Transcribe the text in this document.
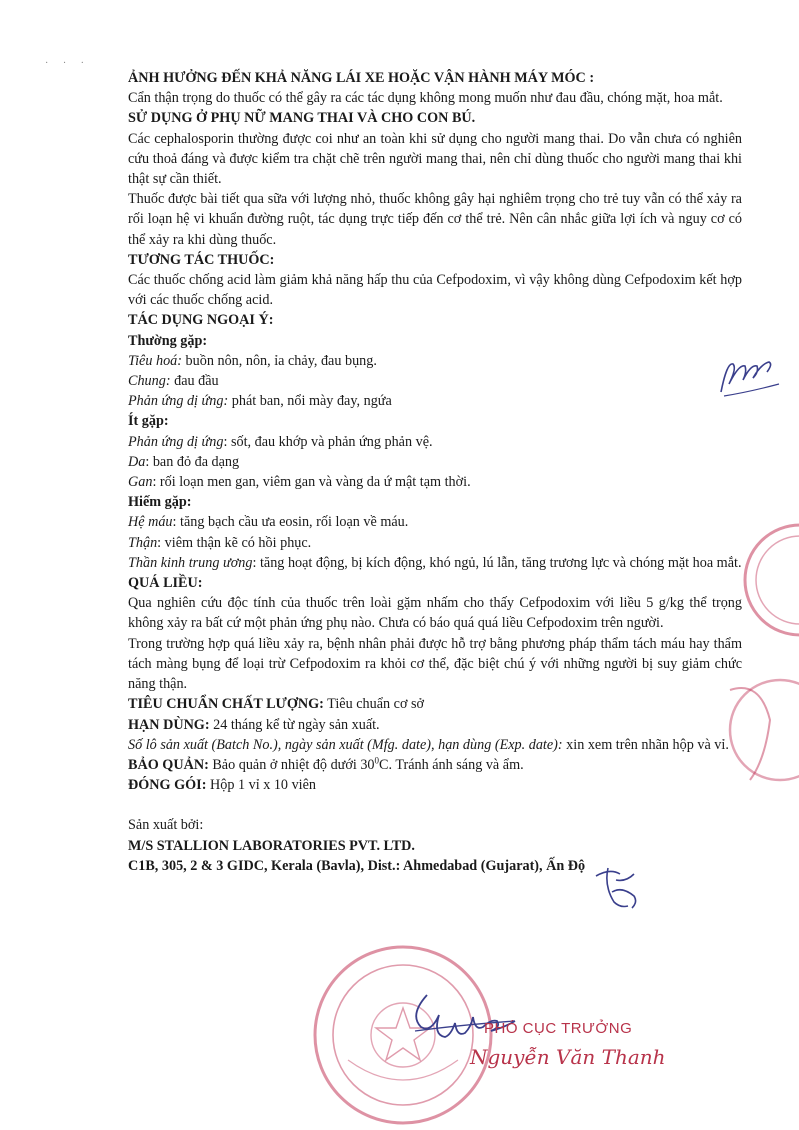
· · ·

ẢNH HƯỞNG ĐẾN KHẢ NĂNG LÁI XE HOẶC VẬN HÀNH MÁY MÓC :

Cẩn thận trọng do thuốc có thể gây ra các tác dụng không mong muốn như đau đầu, chóng mặt, hoa mắt.

SỬ DỤNG Ở PHỤ NỮ MANG THAI VÀ CHO CON BÚ.

Các cephalosporin thường được coi như an toàn khi sử dụng cho người mang thai. Do vẫn chưa có nghiên cứu thoả đáng và được kiểm tra chặt chẽ trên người mang thai, nên chỉ dùng thuốc cho người mang thai khi thật sự cần thiết.

Thuốc được bài tiết qua sữa với lượng nhỏ, thuốc không gây hại nghiêm trọng cho trẻ tuy vẫn có thể xảy ra rối loạn hệ vi khuẩn đường ruột, tác dụng trực tiếp đến cơ thể trẻ. Nên cân nhắc giữa lợi ích và nguy cơ có thể xảy ra khi dùng thuốc.

TƯƠNG TÁC THUỐC:

Các thuốc chống acid làm giảm khả năng hấp thu của Cefpodoxim, vì vậy không dùng Cefpodoxim kết hợp với các thuốc chống acid.

TÁC DỤNG NGOẠI Ý:

Thường gặp:

Tiêu hoá: buồn nôn, nôn, ỉa chảy, đau bụng.

Chung: đau đầu

Phản ứng dị ứng: phát ban, nổi mày đay, ngứa

Ít gặp:

Phản ứng dị ứng: sốt, đau khớp và phản ứng phản vệ.

Da: ban đỏ đa dạng

Gan: rối loạn men gan, viêm gan và vàng da ứ mật tạm thời.

Hiếm gặp:

Hệ máu: tăng bạch cầu ưa eosin, rối loạn về máu.

Thận: viêm thận kẽ có hồi phục.

Thần kinh trung ương: tăng hoạt động, bị kích động, khó ngủ, lú lẫn, tăng trương lực và chóng mặt hoa mắt.

QUÁ LIỀU:

Qua nghiên cứu độc tính của thuốc trên loài gặm nhấm cho thấy Cefpodoxim với liều 5 g/kg thể trọng không xảy ra bất cứ một phản ứng phụ nào. Chưa có báo quá quá liều Cefpodoxim trên người.

Trong trường hợp quá liều xảy ra, bệnh nhân phải được hỗ trợ bằng phương pháp thẩm tách máu hay thẩm tách màng bụng để loại trừ Cefpodoxim ra khỏi cơ thể, đặc biệt chú ý với những người bị suy giảm chức năng thận.

TIÊU CHUẨN CHẤT LƯỢNG: Tiêu chuẩn cơ sở

HẠN DÙNG: 24 tháng kể từ ngày sản xuất.

Số lô sản xuất (Batch No.), ngày sản xuất (Mfg. date), hạn dùng (Exp. date): xin xem trên nhãn hộp và vỉ.

BẢO QUẢN: Bảo quản ở nhiệt độ dưới $30^0C$. Tránh ánh sáng và ẩm.

ĐÓNG GÓI: Hộp 1 vỉ x 10 viên

Sản xuất bởi:

M/S STALLION LABORATORIES PVT. LTD.

C1B, 305, 2 & 3 GIDC, Kerala (Bavla), Dist.: Ahmedabad (Gujarat), Ấn Độ

PHÓ CỤC TRƯỞNG
Nguyễn Văn Thanh
